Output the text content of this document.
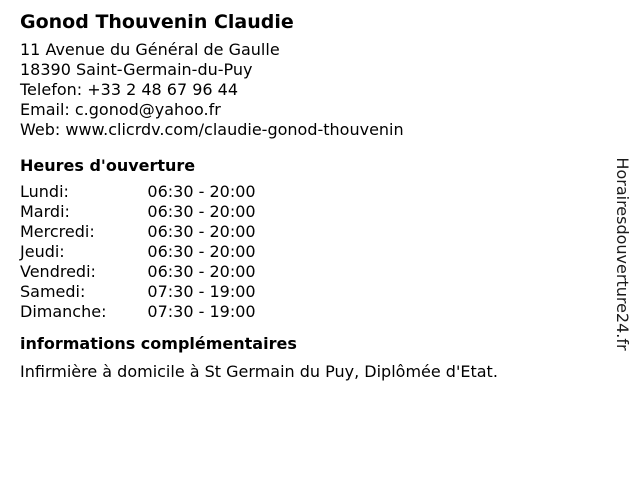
Gonod Thouvenin Claudie
11 Avenue du Général de Gaulle
18390 Saint-Germain-du-Puy
Telefon: +33 2 48 67 96 44
Email: c.gonod@yahoo.fr
Web: www.clicrdv.com/claudie-gonod-thouvenin
Heures d'ouverture
Lundi:	06:30 - 20:00
Mardi:	06:30 - 20:00
Mercredi:	06:30 - 20:00
Jeudi:	06:30 - 20:00
Vendredi:	06:30 - 20:00
Samedi:	07:30 - 19:00
Dimanche:	07:30 - 19:00
informations complémentaires
Infirmière à domicile à St Germain du Puy, Diplômée d'Etat.
Horairesdouverture24.fr
